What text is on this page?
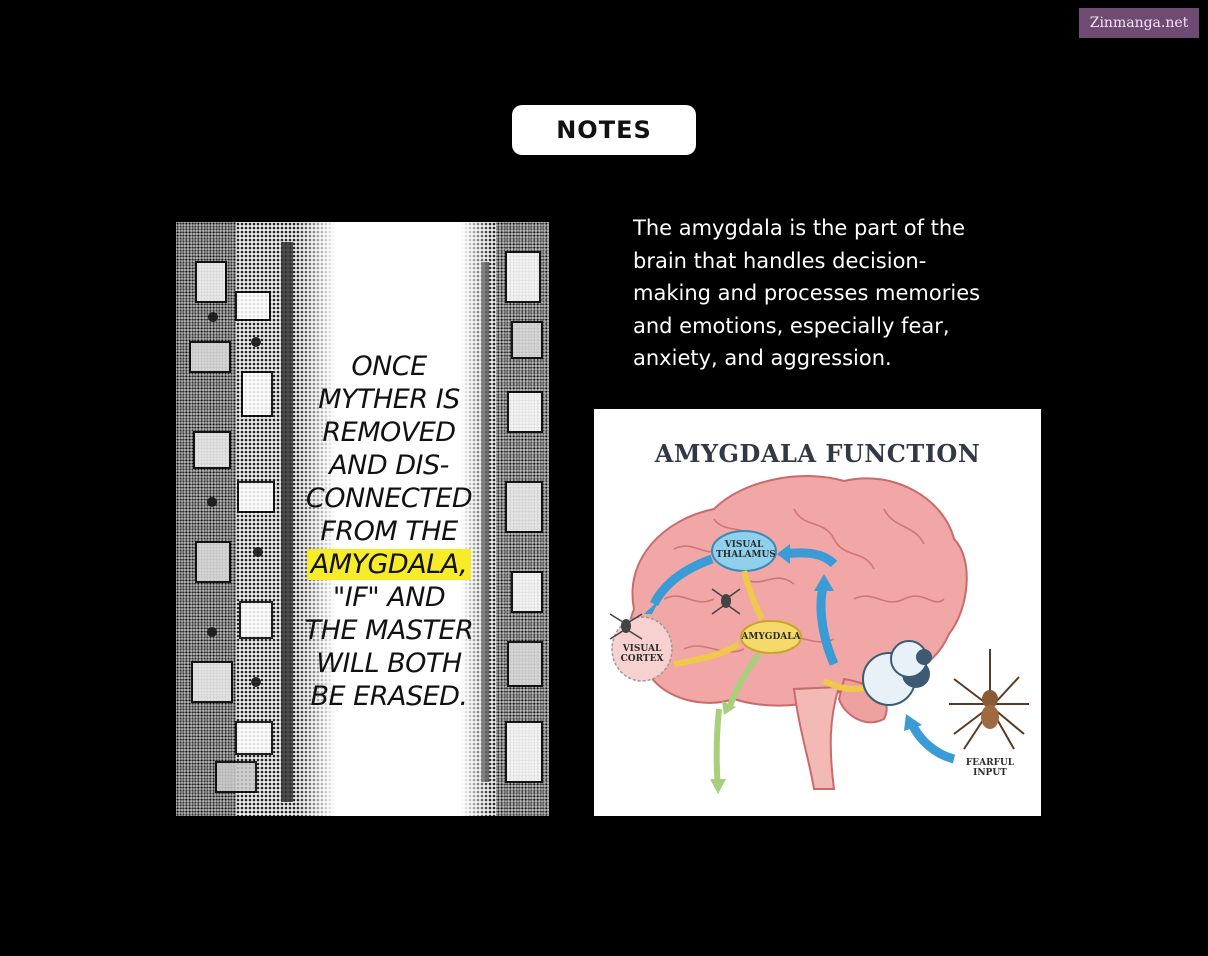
Zinmanga.net
NOTES
ONCE
MYTHER IS
REMOVED
AND DIS-
CONNECTED
FROM THE
AMYGDALA,
"IF" AND
THE MASTER
WILL BOTH
BE ERASED.
The amygdala is the part of the
brain that handles decision-
making and processes memories
and emotions, especially fear,
anxiety, and aggression.
AMYGDALA FUNCTION
VISUAL
THALAMUS
AMYGDALA
VISUAL
CORTEX
FEARFUL
INPUT
